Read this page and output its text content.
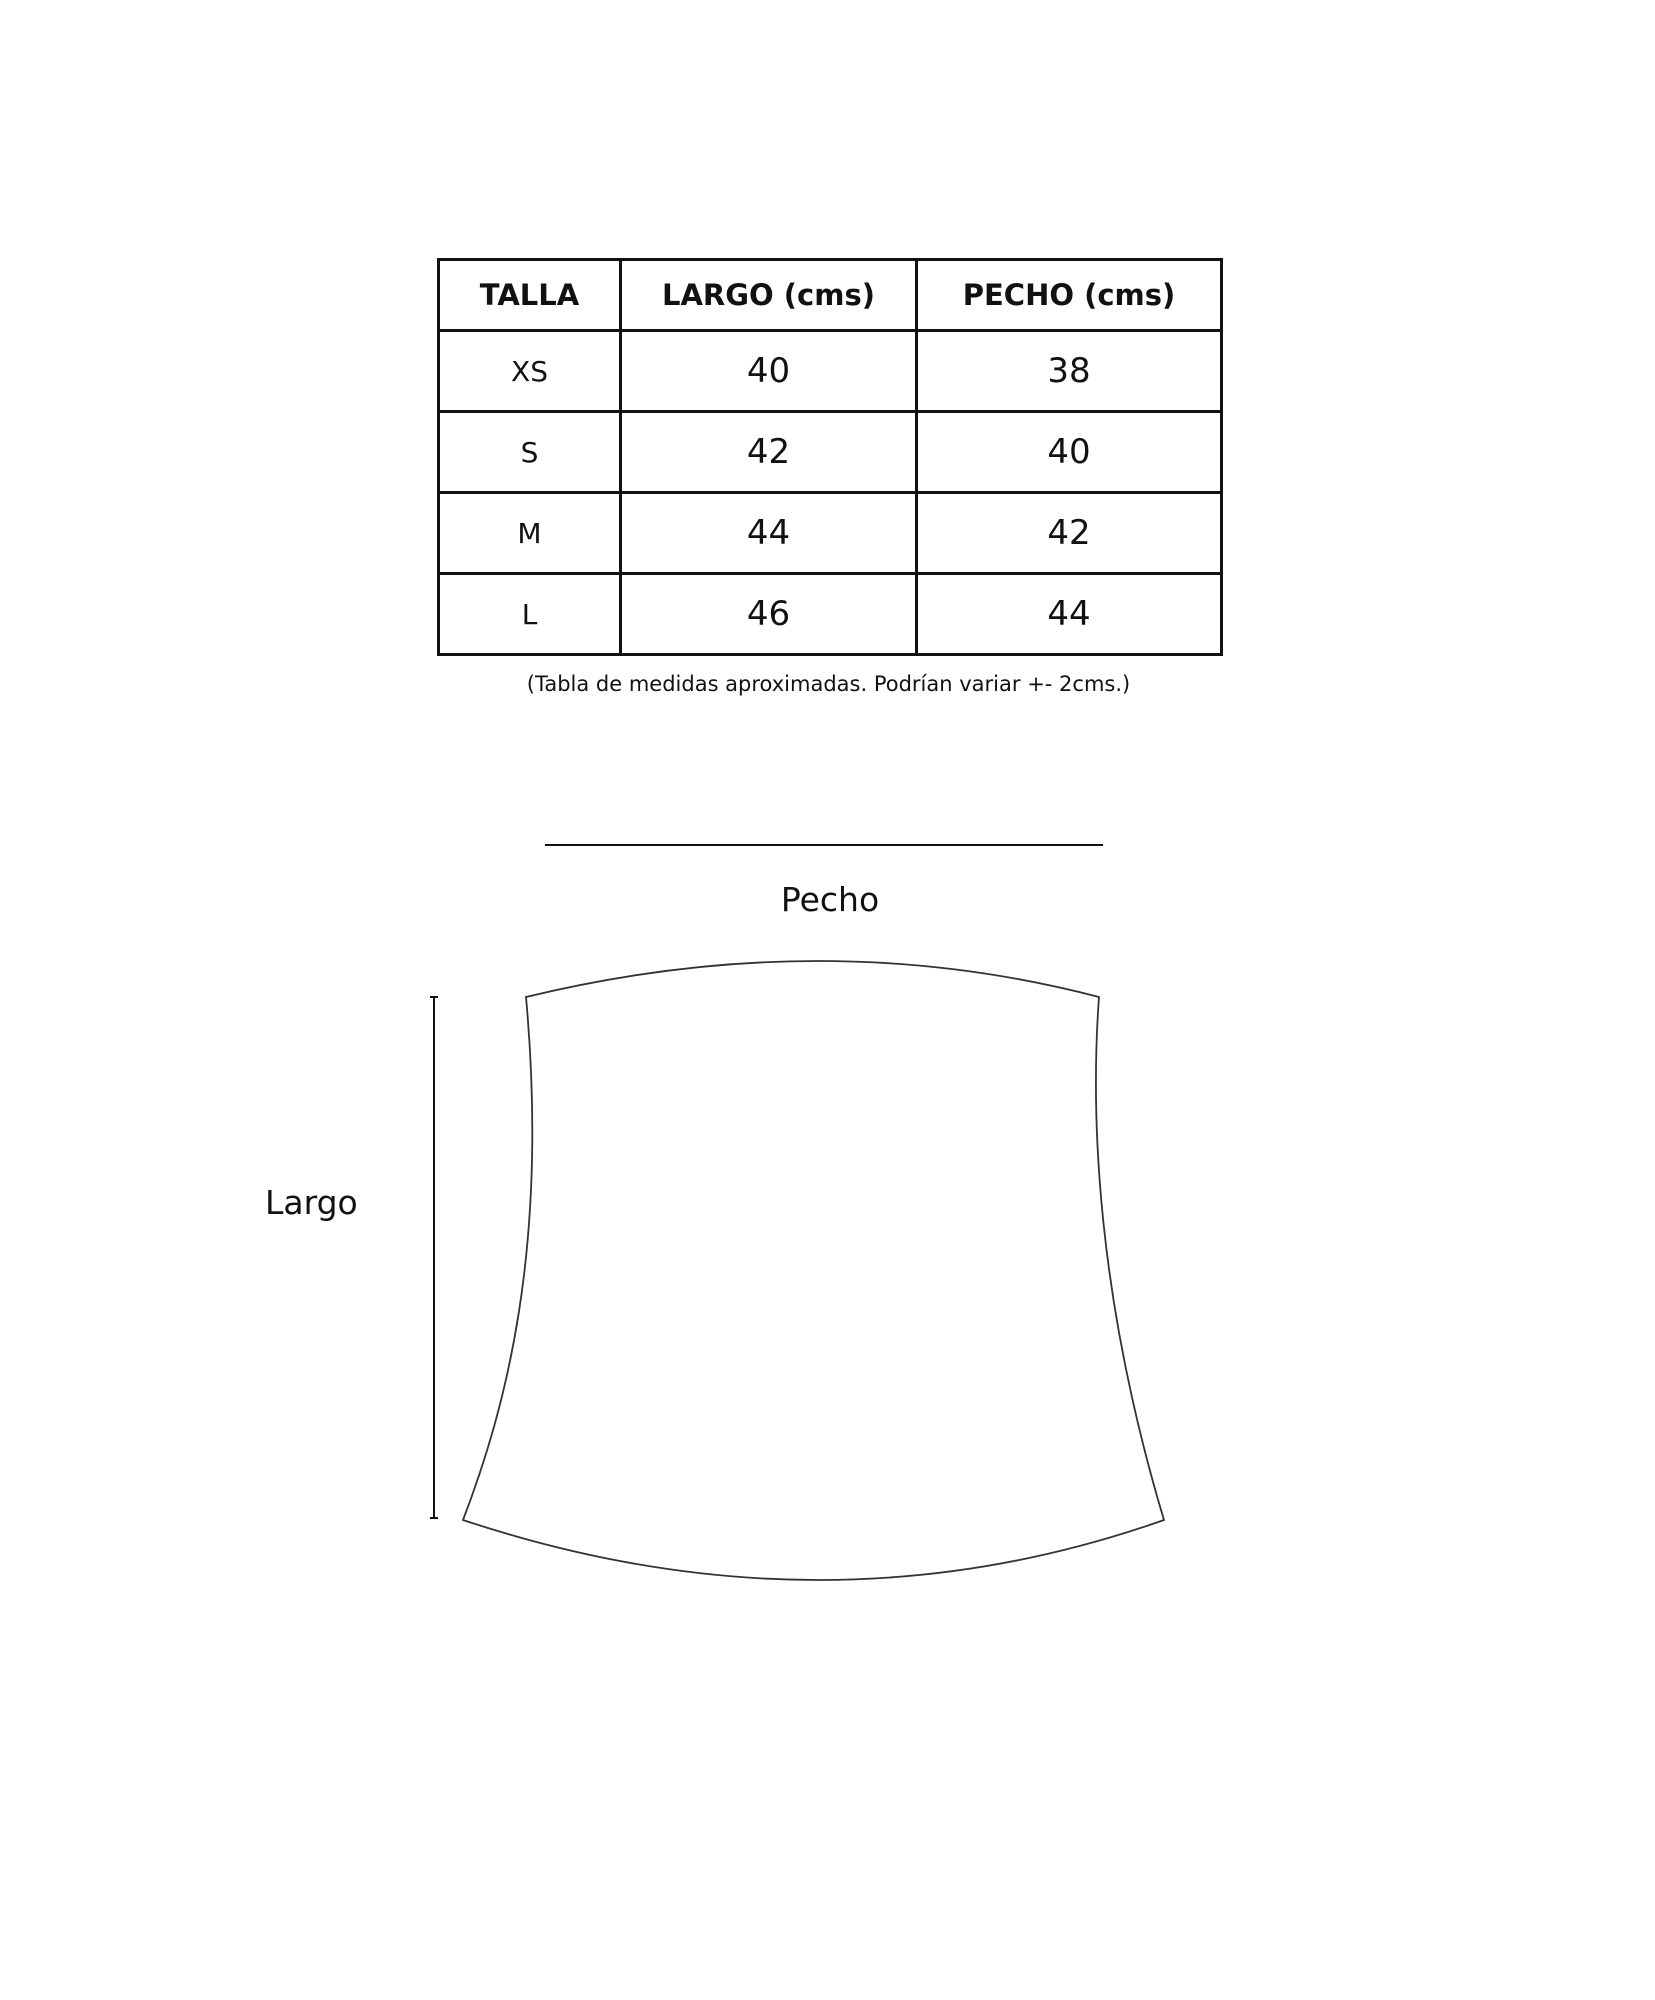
TALLA	LARGO (cms)	PECHO (cms)
XS	40	38
S	42	40
M	44	42
L	46	44
(Tabla de medidas aproximadas. Podrían variar +- 2cms.)
Pecho
Largo
